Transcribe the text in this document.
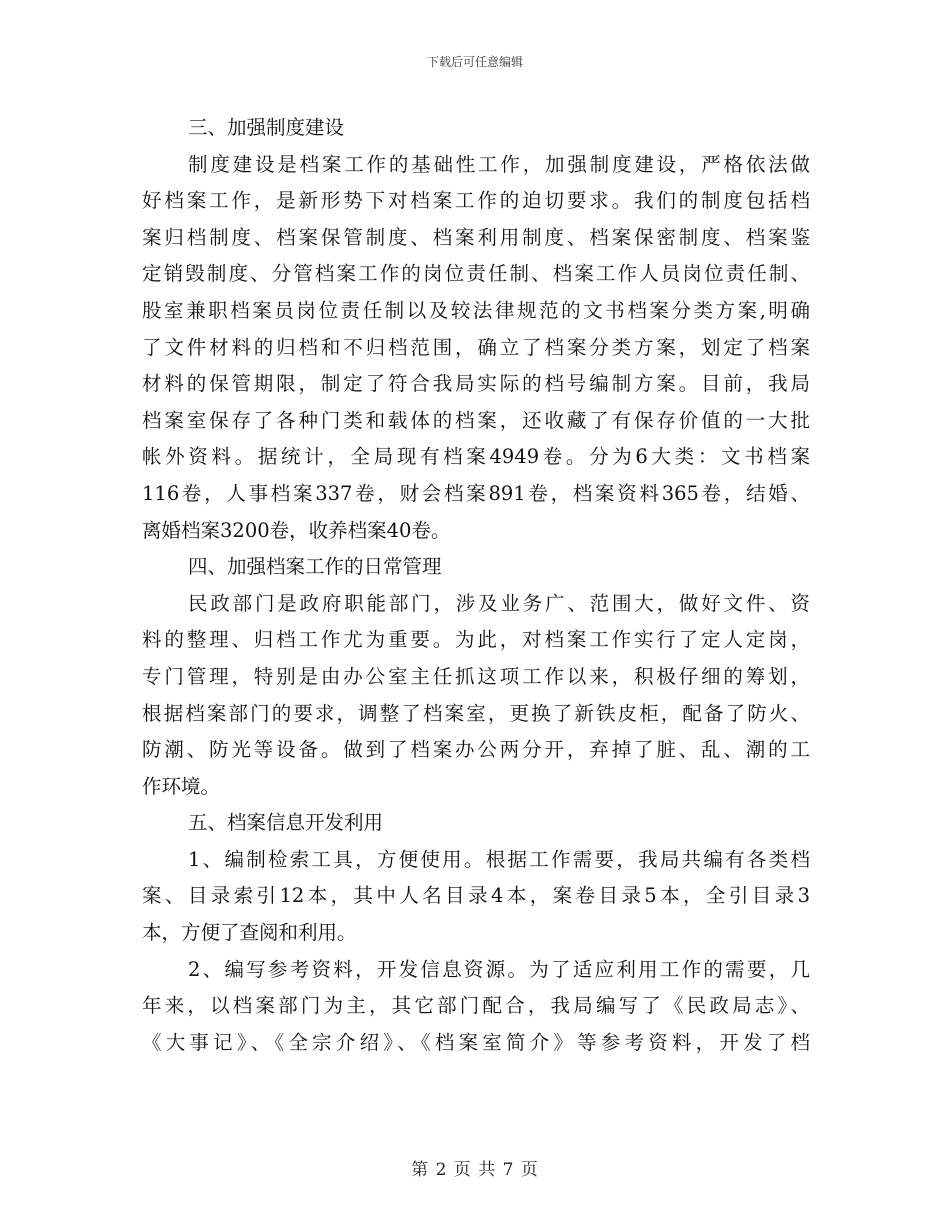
下载后可任意编辑
三、加强制度建设
制度建设是档案工作的基础性工作，加强制度建设，严格依法做
好档案工作，是新形势下对档案工作的迫切要求。我们的制度包括档
案归档制度、档案保管制度、档案利用制度、档案保密制度、档案鉴
定销毁制度、分管档案工作的岗位责任制、档案工作人员岗位责任制、
股室兼职档案员岗位责任制以及较法律规范的文书档案分类方案,明确
了文件材料的归档和不归档范围，确立了档案分类方案，划定了档案
材料的保管期限，制定了符合我局实际的档号编制方案。目前，我局
档案室保存了各种门类和载体的档案，还收藏了有保存价值的一大批
帐外资料。据统计，全局现有档案4949卷。分为6大类：文书档案
116卷，人事档案337卷，财会档案891卷，档案资料365卷，结婚、
离婚档案3200卷，收养档案40卷。
四、加强档案工作的日常管理
民政部门是政府职能部门，涉及业务广、范围大，做好文件、资
料的整理、归档工作尤为重要。为此，对档案工作实行了定人定岗，
专门管理，特别是由办公室主任抓这项工作以来，积极仔细的筹划，
根据档案部门的要求，调整了档案室，更换了新铁皮柜，配备了防火、
防潮、防光等设备。做到了档案办公两分开，弃掉了脏、乱、潮的工
作环境。
五、档案信息开发利用
1、编制检索工具，方便使用。根据工作需要，我局共编有各类档
案、目录索引12本，其中人名目录4本，案卷目录5本，全引目录3
本，方便了查阅和利用。
2、编写参考资料，开发信息资源。为了适应利用工作的需要，几
年来，以档案部门为主，其它部门配合，我局编写了《民政局志》、
《大事记》、《全宗介绍》、《档案室简介》等参考资料，开发了档
第 2 页 共 7 页
